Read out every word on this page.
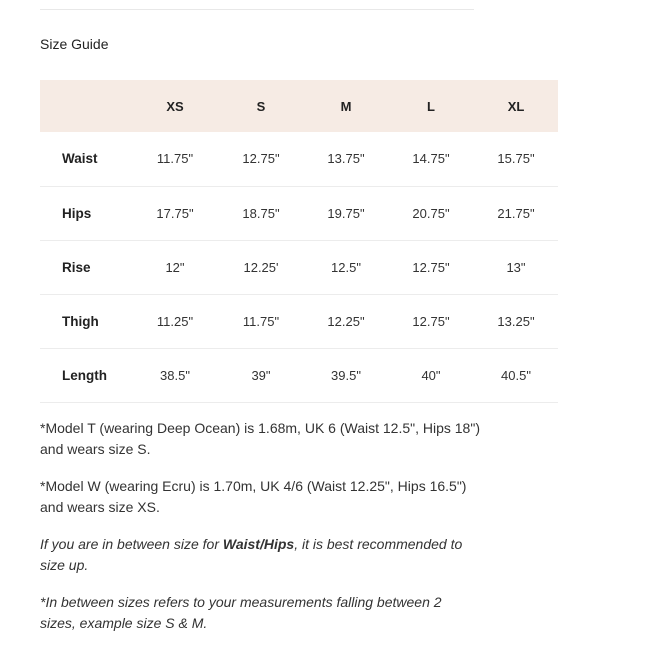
Size Guide
	XS	S	M	L	XL
Waist	11.75"	12.75"	13.75"	14.75"	15.75"
Hips	17.75"	18.75"	19.75"	20.75"	21.75"
Rise	12"	12.25'	12.5"	12.75"	13"
Thigh	11.25"	11.75"	12.25"	12.75"	13.25"
Length	38.5"	39"	39.5"	40"	40.5"

*Model T (wearing Deep Ocean) is 1.68m, UK 6 (Waist 12.5", Hips 18") and wears size S.

*Model W (wearing Ecru) is 1.70m, UK 4/6 (Waist 12.25", Hips 16.5") and wears size XS.

If you are in between size for Waist/Hips, it is best recommended to size up.

*In between sizes refers to your measurements falling between 2 sizes, example size S & M.
